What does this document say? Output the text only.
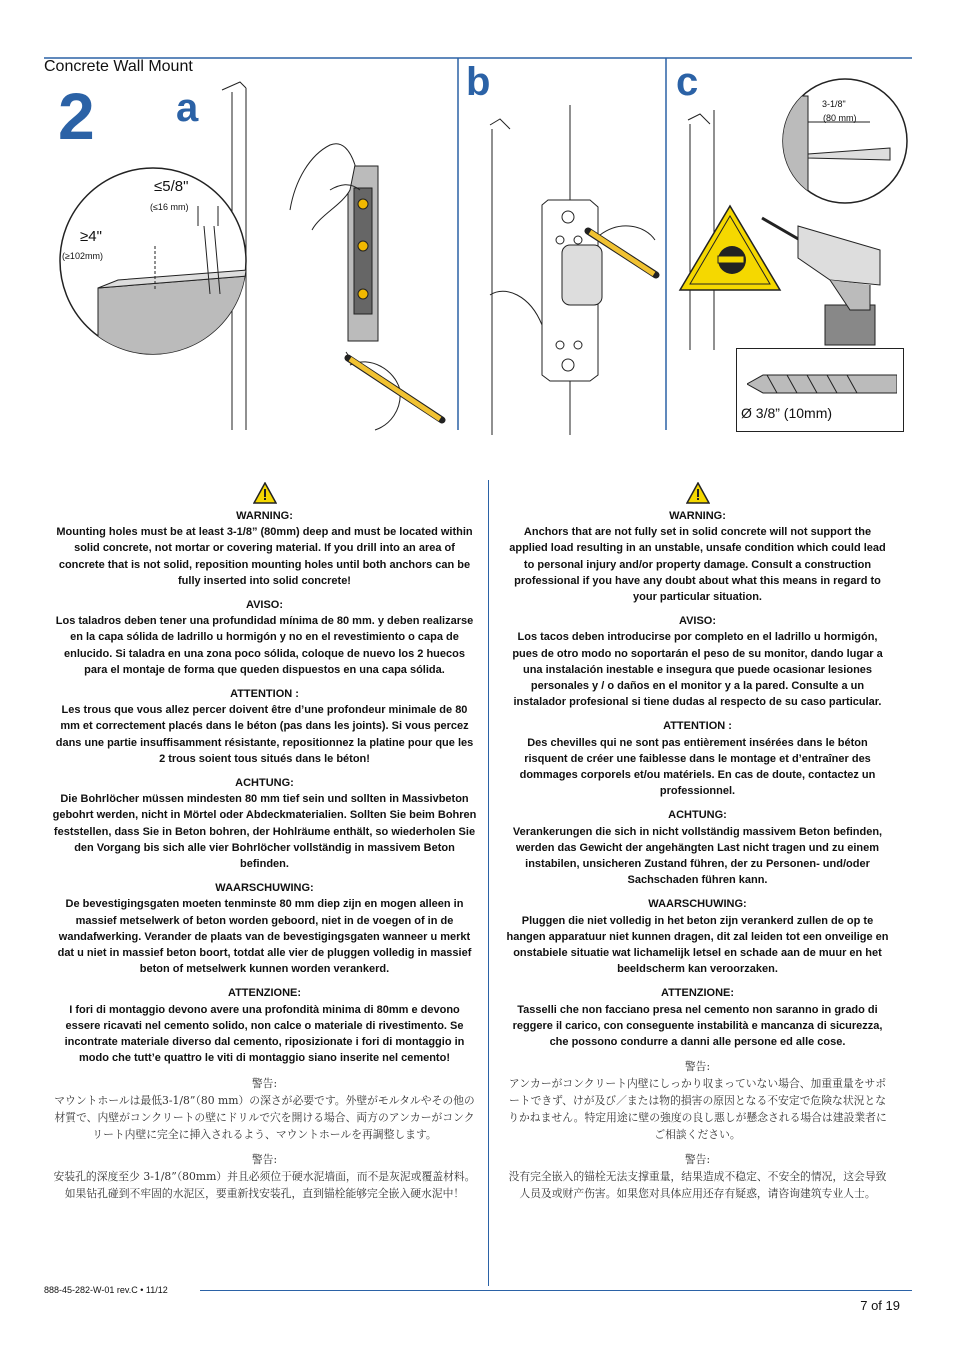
Concrete Wall Mount
2 a
b	c
≤5/8"
(≤16 mm)
≥4"
(≥102mm)
3-1/8"
(80 mm)
Ø 3/8” (10mm)

WARNING:
Mounting holes must be at least 3-1/8” (80mm) deep and must be located within solid concrete, not mortar or covering material. If you drill into an area of concrete that is not solid, reposition mounting holes until both anchors can be fully inserted into solid concrete!

AVISO:
Los taladros deben tener una profundidad mínima de 80 mm. y deben realizarse en la capa sólida de ladrillo u hormigón y no en el revestimiento o capa de enlucido. Si taladra en una zona poco sólida, coloque de nuevo los 2 huecos para el montaje de forma que queden dispuestos en una capa sólida.

ATTENTION :
Les trous que vous allez percer doivent être d’une profondeur minimale de 80 mm et correctement placés dans le béton (pas dans les joints). Si vous percez dans une partie insuffisamment résistante, repositionnez la platine pour que les 2 trous soient tous situés dans le béton!

ACHTUNG:
Die Bohrlöcher müssen mindesten 80 mm tief sein und sollten in Massivbeton gebohrt werden, nicht in Mörtel oder Abdeckmaterialien. Sollten Sie beim Bohren feststellen, dass Sie in Beton bohren, der Hohlräume enthält, so wiederholen Sie den Vorgang bis sich alle vier Bohrlöcher vollständig in massivem Beton befinden.

WAARSCHUWING:
De bevestigingsgaten moeten tenminste 80 mm diep zijn en mogen alleen in massief metselwerk of beton worden geboord, niet in de voegen of in de wandafwerking. Verander de plaats van de bevestigingsgaten wanneer u merkt dat u niet in massief beton boort, totdat alle vier de pluggen volledig in massief beton of metselwerk kunnen worden verankerd.

ATTENZIONE:
I fori di montaggio devono avere una profondità minima di 80mm e devono essere ricavati nel cemento solido, non calce o materiale di rivestimento. Se incontrate materiale diverso dal cemento, riposizionate i fori di montaggio in modo che tutt’e quattro le viti di montaggio siano inserite nel cemento!

警告:
マウントホールは最低3-1/8”（80 mm）の深さが必要です。外壁がモルタルやその他の材質で、内壁がコンクリートの壁にドリルで穴を開ける場合、両方のアンカーがコンクリート内壁に完全に挿入されるよう、マウントホールを再調整します。

警告:
安装孔的深度至少 3-1/8”（80mm）并且必须位于硬水泥墙面，而不是灰泥或覆盖材料。如果钻孔碰到不牢固的水泥区，要重新找安装孔，直到锚栓能够完全嵌入硬水泥中！

WARNING:
Anchors that are not fully set in solid concrete will not support the applied load resulting in an unstable, unsafe condition which could lead to personal injury and/or property damage. Consult a construction professional if you have any doubt about what this means in regard to your particular situation.

AVISO:
Los tacos deben introducirse por completo en el ladrillo u hormigón, pues de otro modo no soportarán el peso de su monitor, dando lugar a una instalación inestable e insegura que puede ocasionar lesiones personales y / o daños en el monitor y a la pared. Consulte a un instalador profesional si tiene dudas al respecto de su caso particular.

ATTENTION :
Des chevilles qui ne sont pas entièrement insérées dans le béton risquent de créer une faiblesse dans le montage et d’entraîner des dommages corporels et/ou matériels. En cas de doute, contactez un professionnel.

ACHTUNG:
Verankerungen die sich in nicht vollständig massivem Beton befinden, werden das Gewicht der angehängten Last nicht tragen und zu einem instabilen, unsicheren Zustand führen, der zu Personen- und/oder Sachschaden führen kann.

WAARSCHUWING:
Pluggen die niet volledig in het beton zijn verankerd zullen de op te hangen apparatuur niet kunnen dragen, dit zal leiden tot een onveilige en onstabiele situatie wat lichamelijk letsel en schade aan de muur en het beeldscherm kan veroorzaken.

ATTENZIONE:
Tasselli che non facciano presa nel cemento non saranno in grado di reggere il carico, con conseguente instabilità e mancanza di sicurezza, che possono condurre a danni alle persone ed alle cose.

警告:
アンカーがコンクリート内壁にしっかり収まっていない場合、加重重量をサポートできず、けが及び／または物的損害の原因となる不安定で危険な状況となりかねません。特定用途に壁の強度の良し悪しが懸念される場合は建設業者にご相談ください。

警告:
没有完全嵌入的锚栓无法支撑重量，结果造成不稳定、不安全的情况，这会导致人员及或财产伤害。如果您对具体应用还存有疑惑，请咨询建筑专业人士。

888-45-282-W-01 rev.C • 11/12
7 of 19
